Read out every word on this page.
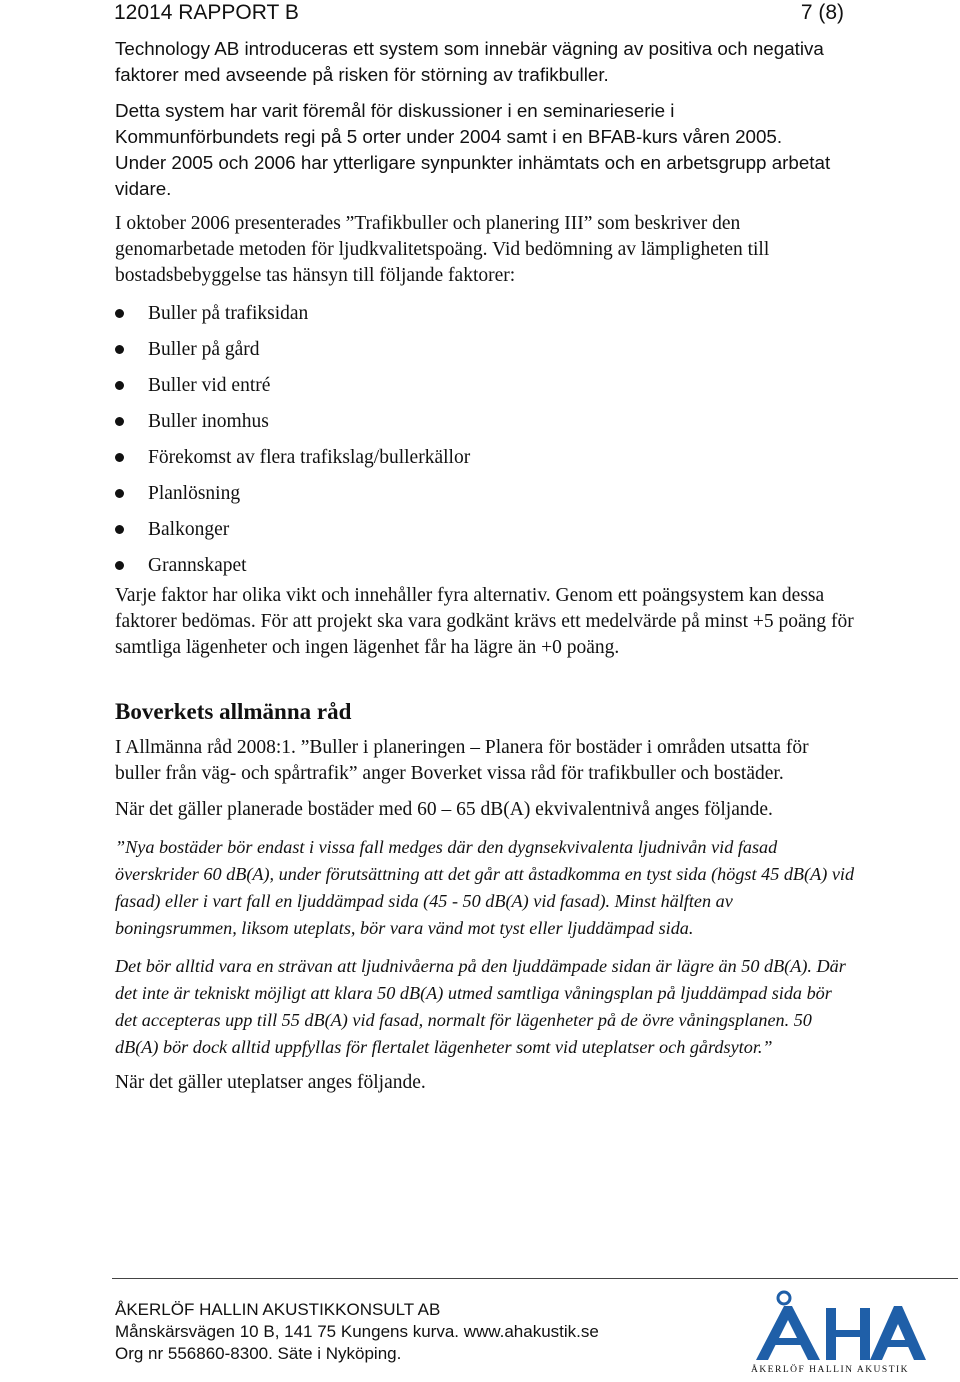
12014 RAPPORT B	7 (8)

Technology AB introduceras ett system som innebär vägning av positiva och negativa faktorer med avseende på risken för störning av trafikbuller.

Detta system har varit föremål för diskussioner i en seminarieserie i

Kommunförbundets regi på 5 orter under 2004 samt i en BFAB-kurs våren 2005.

Under 2005 och 2006 har ytterligare synpunkter inhämtats och en arbetsgrupp arbetat vidare.

I oktober 2006 presenterades ”Trafikbuller och planering III” som beskriver den genomarbetade metoden för ljudkvalitetspoäng. Vid bedömning av lämpligheten till bostadsbebyggelse tas hänsyn till följande faktorer:

Buller på trafiksidan
Buller på gård
Buller vid entré
Buller inomhus
Förekomst av flera trafikslag/bullerkällor
Planlösning
Balkonger
Grannskapet

Varje faktor har olika vikt och innehåller fyra alternativ. Genom ett poängsystem kan dessa faktorer bedömas. För att projekt ska vara godkänt krävs ett medelvärde på minst +5 poäng för samtliga lägenheter och ingen lägenhet får ha lägre än +0 poäng.

Boverkets allmänna råd

I Allmänna råd 2008:1. ”Buller i planeringen – Planera för bostäder i områden utsatta för buller från väg- och spårtrafik” anger Boverket vissa råd för trafikbuller och bostäder.

När det gäller planerade bostäder med 60 – 65 dB(A) ekvivalentnivå anges följande.

”Nya bostäder bör endast i vissa fall medges där den dygnsekvivalenta ljudnivån vid fasad överskrider 60 dB(A), under förutsättning att det går att åstadkomma en tyst sida (högst 45 dB(A) vid fasad) eller i vart fall en ljuddämpad sida (45 - 50 dB(A) vid fasad). Minst hälften av boningsrummen, liksom uteplats, bör vara vänd mot tyst eller ljuddämpad sida.

Det bör alltid vara en strävan att ljudnivåerna på den ljuddämpade sidan är lägre än 50 dB(A). Där det inte är tekniskt möjligt att klara 50 dB(A) utmed samtliga våningsplan på ljuddämpad sida bör det accepteras upp till 55 dB(A) vid fasad, normalt för lägenheter på de övre våningsplanen. 50 dB(A) bör dock alltid uppfyllas för flertalet lägenheter somt vid uteplatser och gårdsytor.”

När det gäller uteplatser anges följande.

ÅKERLÖF HALLIN AKUSTIKKONSULT AB
Månskärsvägen 10 B, 141 75 Kungens kurva. www.ahakustik.se
Org nr 556860-8300. Säte i Nyköping.
ÅHA
ÅKERLÖF HALLIN AKUSTIK
